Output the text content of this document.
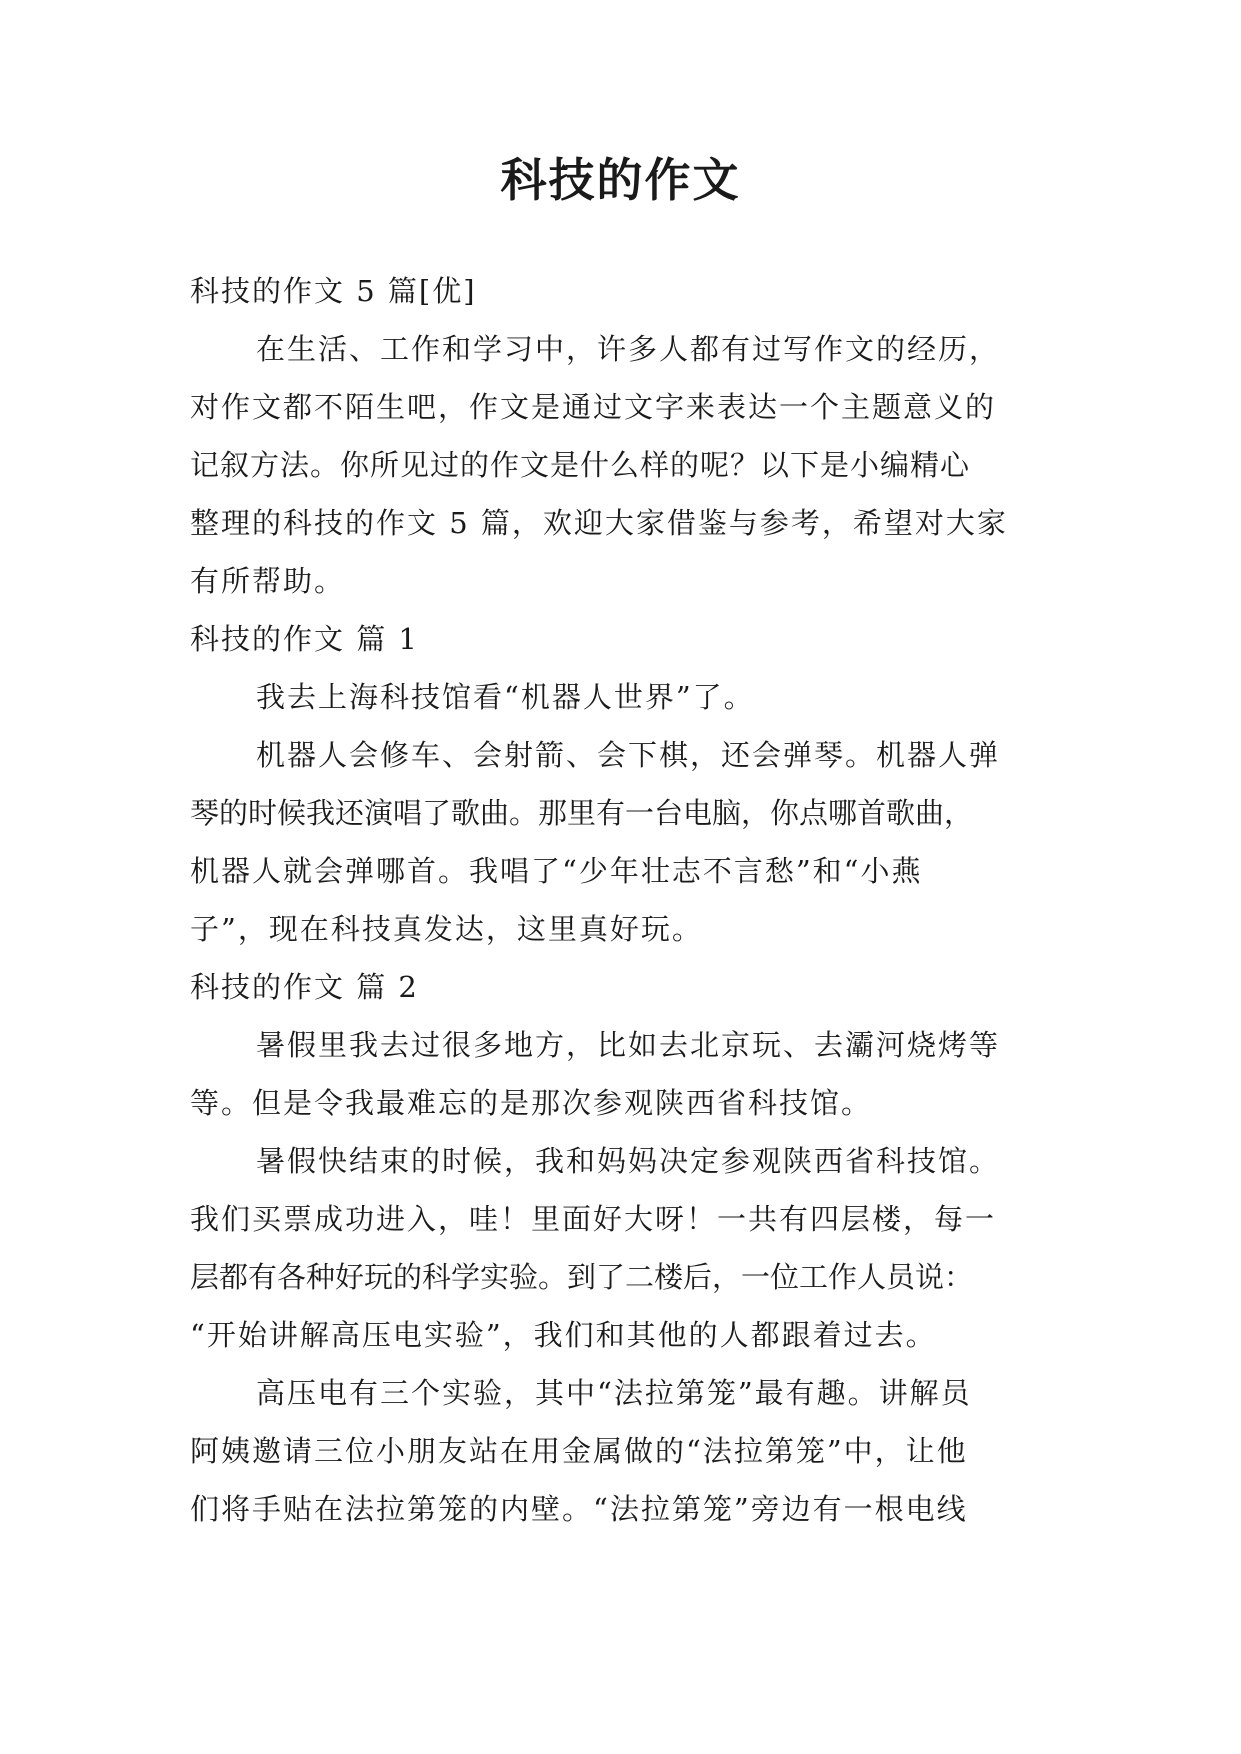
科技的作文
科技的作文 5 篇[优]
在生活、工作和学习中，许多人都有过写作文的经历，
对作文都不陌生吧，作文是通过文字来表达一个主题意义的
记叙方法。你所见过的作文是什么样的呢？以下是小编精心
整理的科技的作文 5 篇，欢迎大家借鉴与参考，希望对大家
有所帮助。
科技的作文 篇 1
我去上海科技馆看“机器人世界”了。
机器人会修车、会射箭、会下棋，还会弹琴。机器人弹
琴的时候我还演唱了歌曲。那里有一台电脑，你点哪首歌曲，
机器人就会弹哪首。我唱了“少年壮志不言愁”和“小燕
子”，现在科技真发达，这里真好玩。
科技的作文 篇 2
暑假里我去过很多地方，比如去北京玩、去灞河烧烤等
等。但是令我最难忘的是那次参观陕西省科技馆。
暑假快结束的时候，我和妈妈决定参观陕西省科技馆。
我们买票成功进入，哇！里面好大呀！一共有四层楼，每一
层都有各种好玩的科学实验。到了二楼后，一位工作人员说：
“开始讲解高压电实验”，我们和其他的人都跟着过去。
高压电有三个实验，其中“法拉第笼”最有趣。讲解员
阿姨邀请三位小朋友站在用金属做的“法拉第笼”中，让他
们将手贴在法拉第笼的内壁。“法拉第笼”旁边有一根电线
